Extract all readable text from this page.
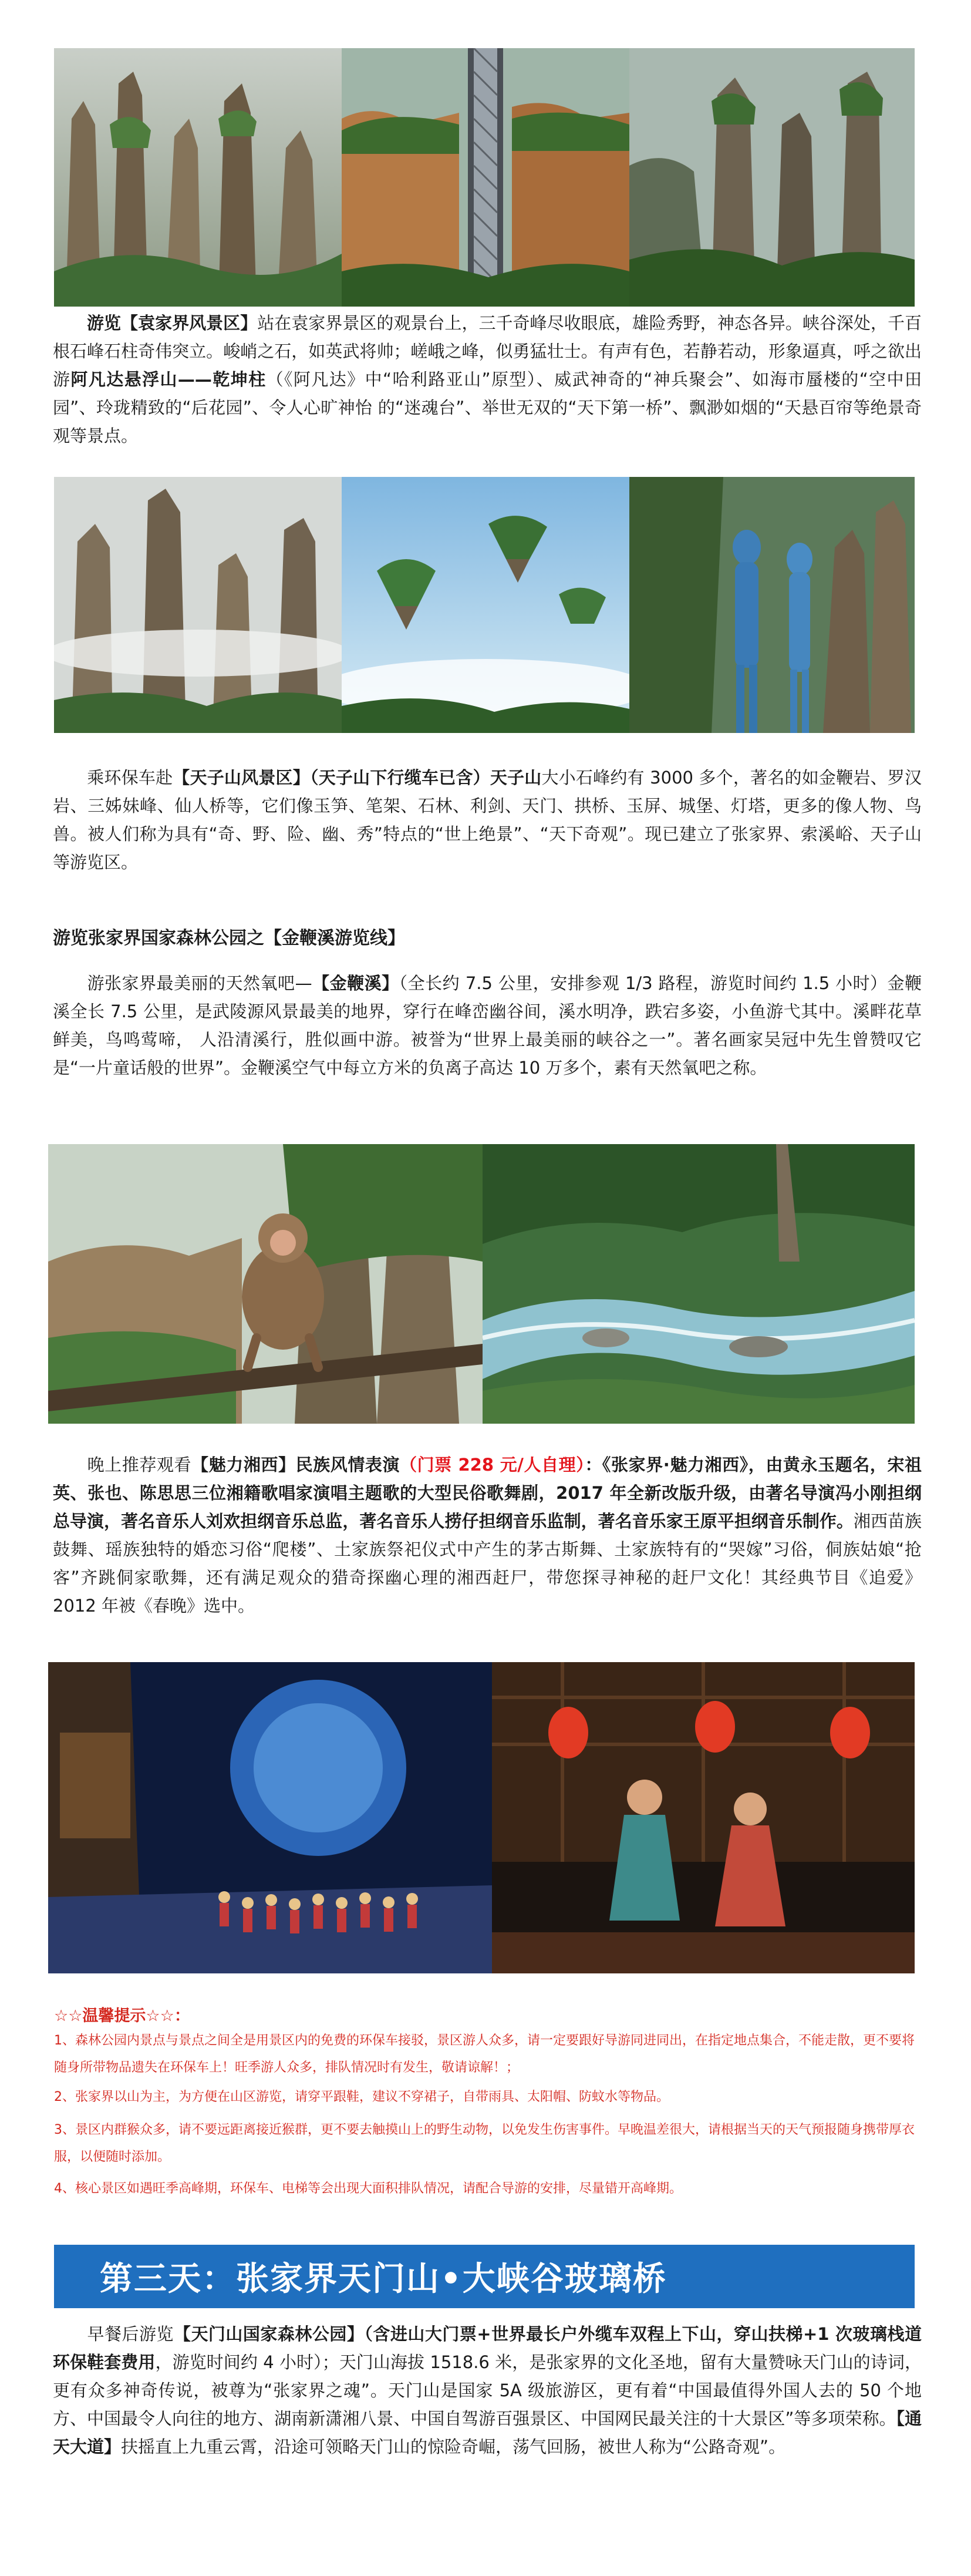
  游览【袁家界风景区】站在袁家界景区的观景台上，三千奇峰尽收眼底，雄险秀野，神态各异。峡谷深处，千百根石峰石柱奇伟突立。峻峭之石，如英武将帅；嵯峨之峰，似勇猛壮士。有声有色，若静若动，形象逼真，呼之欲出游阿凡达悬浮山——乾坤柱（《阿凡达》中“哈利路亚山”原型）、威武神奇的“神兵聚会”、如海市蜃楼的“空中田园”、玲珑精致的“后花园”、令人心旷神怡 的“迷魂台”、举世无双的“天下第一桥”、飘渺如烟的“天悬百帘等绝景奇观等景点。

  乘环保车赴【天子山风景区】（天子山下行缆车已含）天子山大小石峰约有 3000 多个，著名的如金鞭岩、罗汉岩、三姊妹峰、仙人桥等，它们像玉笋、笔架、石林、利剑、天门、拱桥、玉屏、城堡、灯塔，更多的像人物、鸟兽。被人们称为具有“奇、野、险、幽、秀”特点的“世上绝景”、“天下奇观”。现已建立了张家界、索溪峪、天子山等游览区。

游览张家界国家森林公园之【金鞭溪游览线】

  游张家界最美丽的天然氧吧—【金鞭溪】（全长约 7.5 公里，安排参观 1/3 路程，游览时间约 1.5 小时）金鞭溪全长 7.5 公里，是武陵源风景最美的地界，穿行在峰峦幽谷间，溪水明净，跌宕多姿，小鱼游弋其中。溪畔花草鲜美，鸟鸣莺啼， 人沿清溪行，胜似画中游。被誉为“世界上最美丽的峡谷之一”。著名画家吴冠中先生曾赞叹它是“一片童话般的世界”。金鞭溪空气中每立方米的负离子高达 10 万多个，素有天然氧吧之称。

  晚上推荐观看【魅力湘西】民族风情表演（门票 228 元/人自理）：《张家界·魅力湘西》，由黄永玉题名，宋祖英、张也、陈思思三位湘籍歌唱家演唱主题歌的大型民俗歌舞剧，2017 年全新改版升级，由著名导演冯小刚担纲总导演，著名音乐人刘欢担纲音乐总监，著名音乐人捞仔担纲音乐监制，著名音乐家王原平担纲音乐制作。湘西苗族鼓舞、瑶族独特的婚恋习俗“爬楼”、土家族祭祀仪式中产生的茅古斯舞、土家族特有的“哭嫁”习俗，侗族姑娘“抢客”齐跳侗家歌舞，还有满足观众的猎奇探幽心理的湘西赶尸，带您探寻神秘的赶尸文化！其经典节目《追爱》2012 年被《春晚》选中。

☆☆温馨提示☆☆：

1、森林公园内景点与景点之间全是用景区内的免费的环保车接驳，景区游人众多，请一定要跟好导游同进同出，在指定地点集合，不能走散，更不要将随身所带物品遗失在环保车上！旺季游人众多，排队情况时有发生，敬请谅解！；

2、张家界以山为主，为方便在山区游览，请穿平跟鞋，建议不穿裙子，自带雨具、太阳帽、防蚊水等物品。

3、景区内群猴众多，请不要远距离接近猴群，更不要去触摸山上的野生动物，以免发生伤害事件。早晚温差很大，请根据当天的天气预报随身携带厚衣服，以便随时添加。

4、核心景区如遇旺季高峰期，环保车、电梯等会出现大面积排队情况，请配合导游的安排，尽量错开高峰期。

第三天：张家界天门山•大峡谷玻璃桥

  早餐后游览【天门山国家森林公园】（含进山大门票+世界最长户外缆车双程上下山，穿山扶梯+1 次玻璃栈道环保鞋套费用，游览时间约 4 小时）；天门山海拔 1518.6 米，是张家界的文化圣地，留有大量赞咏天门山的诗词，更有众多神奇传说，被尊为“张家界之魂”。天门山是国家 5A 级旅游区，更有着“中国最值得外国人去的 50 个地方、中国最令人向往的地方、湖南新潇湘八景、中国自驾游百强景区、中国网民最关注的十大景区”等多项荣称。【通天大道】扶摇直上九重云霄，沿途可领略天门山的惊险奇崛，荡气回肠，被世人称为“公路奇观”。
